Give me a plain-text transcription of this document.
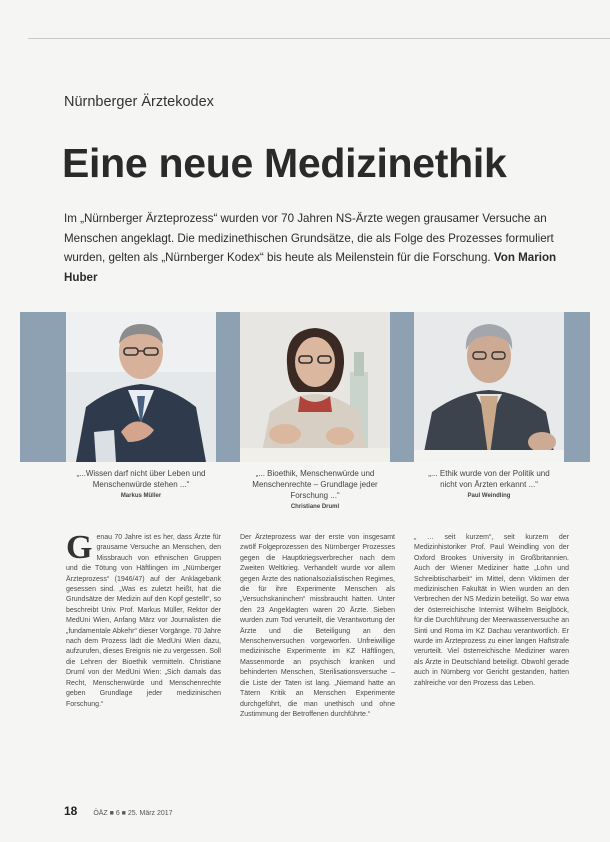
Nürnberger Ärztekodex
Eine neue Medizinethik
Im „Nürnberger Ärzteprozess“ wurden vor 70 Jahren NS-Ärzte wegen grausamer Versuche an Menschen angeklagt. Die medizinethischen Grundsätze, die als Folge des Prozesses formuliert wurden, gelten als „Nürnberger Kodex“ bis heute als Meilenstein für die Forschung. Von Marion Huber
„...Wissen darf nicht über Leben und Menschenwürde stehen ...“
Markus Müller
„... Bioethik, Menschenwürde und Menschenrechte – Grundlage jeder Forschung ...“
Christiane Druml
„... Ethik wurde von der Politik und nicht von Ärzten erkannt ...“
Paul Weindling
Genau 70 Jahre ist es her, dass Ärzte für grausame Versuche an Menschen, den Missbrauch von ethnischen Gruppen und die Tötung von Häftlingen im „Nürnberger Ärzteprozess“ (1946/47) auf der Anklagebank gesessen sind. „Was es zuletzt heißt, hat die Grundsätze der Medizin auf den Kopf gestellt“, so beschreibt Univ. Prof. Markus Müller, Rektor der MedUni Wien, Anfang März vor Journalisten die „fundamentale Abkehr“ dieser Vorgänge. 70 Jahre nach dem Prozess lädt die MedUni Wien dazu, aufzurufen, dieses Ereignis nie zu vergessen. Soll die Lehren der Bioethik vermitteln. Christiane Druml von der MedUni Wien: „Sich damals das Recht, Menschenwürde und Menschenrechte geben Grundlage jeder medizinischen Forschung.“
Der Ärzteprozess war der erste von insgesamt zwölf Folgeprozessen des Nürnberger Prozesses gegen die Hauptkriegsverbrecher nach dem Zweiten Weltkrieg. Verhandelt wurde vor allem gegen Ärzte des nationalsozialistischen Regimes, die für ihre Experimente Menschen als „Versuchskaninchen“ missbraucht hatten. Unter den 23 Angeklagten waren 20 Ärzte. Sieben wurden zum Tod verurteilt, die Verantwortung der Ärzte und die Beteiligung an den Menschenversuchen vorgeworfen. Unfreiwillige medizinische Experimente im KZ Häftlingen, Massenmorde an psychisch kranken und behinderten Menschen, Sterilisationsversuche – die Liste der Taten ist lang. „Niemand hatte an Tätern Kritik an Menschen Experimente durchgeführt, die man unethisch und ohne Zustimmung der Betroffenen durchführte.“
„ … seit kurzem“, seit kurzem der Medizinhistoriker Prof. Paul Weindling von der Oxford Brookes University in Großbritannien. Auch der Wiener Mediziner hatte „Lohn und Schreibtischarbeit“ im Mittel, denn Viktimen der medizinischen Fakultät in Wien wurden an den Verbrechen der NS Medizin beteiligt. So war etwa der österreichische Internist Wilhelm Beiglböck, für die Durchführung der Meerwasserversuche an Sinti und Roma im KZ Dachau verantwortlich. Er wurde im Ärzteprozess zu einer langen Haftstrafe verurteilt. Viel österreichische Mediziner waren als Ärzte in Deutschland beteiligt. Obwohl gerade auch in Nürnberg vor Gericht gestanden, hatten zahlreiche vor den Prozess das Leben.
18 ÖÄZ ■ 6 ■ 25. März 2017
